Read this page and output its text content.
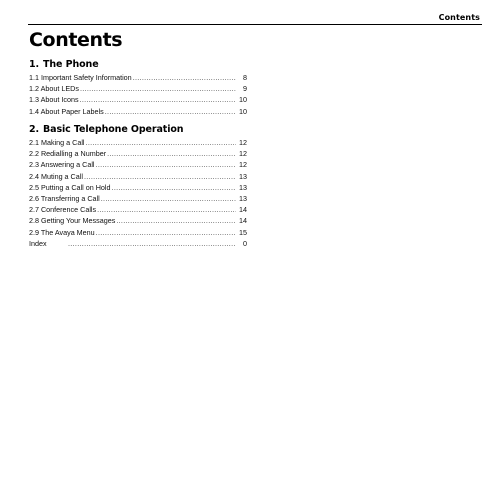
Contents
Contents
1. The Phone
1.1 Important Safety Information .....	8
1.2 About LEDs .....	9
1.3 About Icons .....	10
1.4 About Paper Labels .....	10
2. Basic Telephone Operation
2.1 Making a Call .....	12
2.2 Redialling a Number .....	12
2.3 Answering a Call .....	12
2.4 Muting a Call .....	13
2.5 Putting a Call on Hold .....	13
2.6 Transferring a Call .....	13
2.7 Conference Calls .....	14
2.8 Getting Your Messages .....	14
2.9 The Avaya Menu .....	15
Index .....	0
